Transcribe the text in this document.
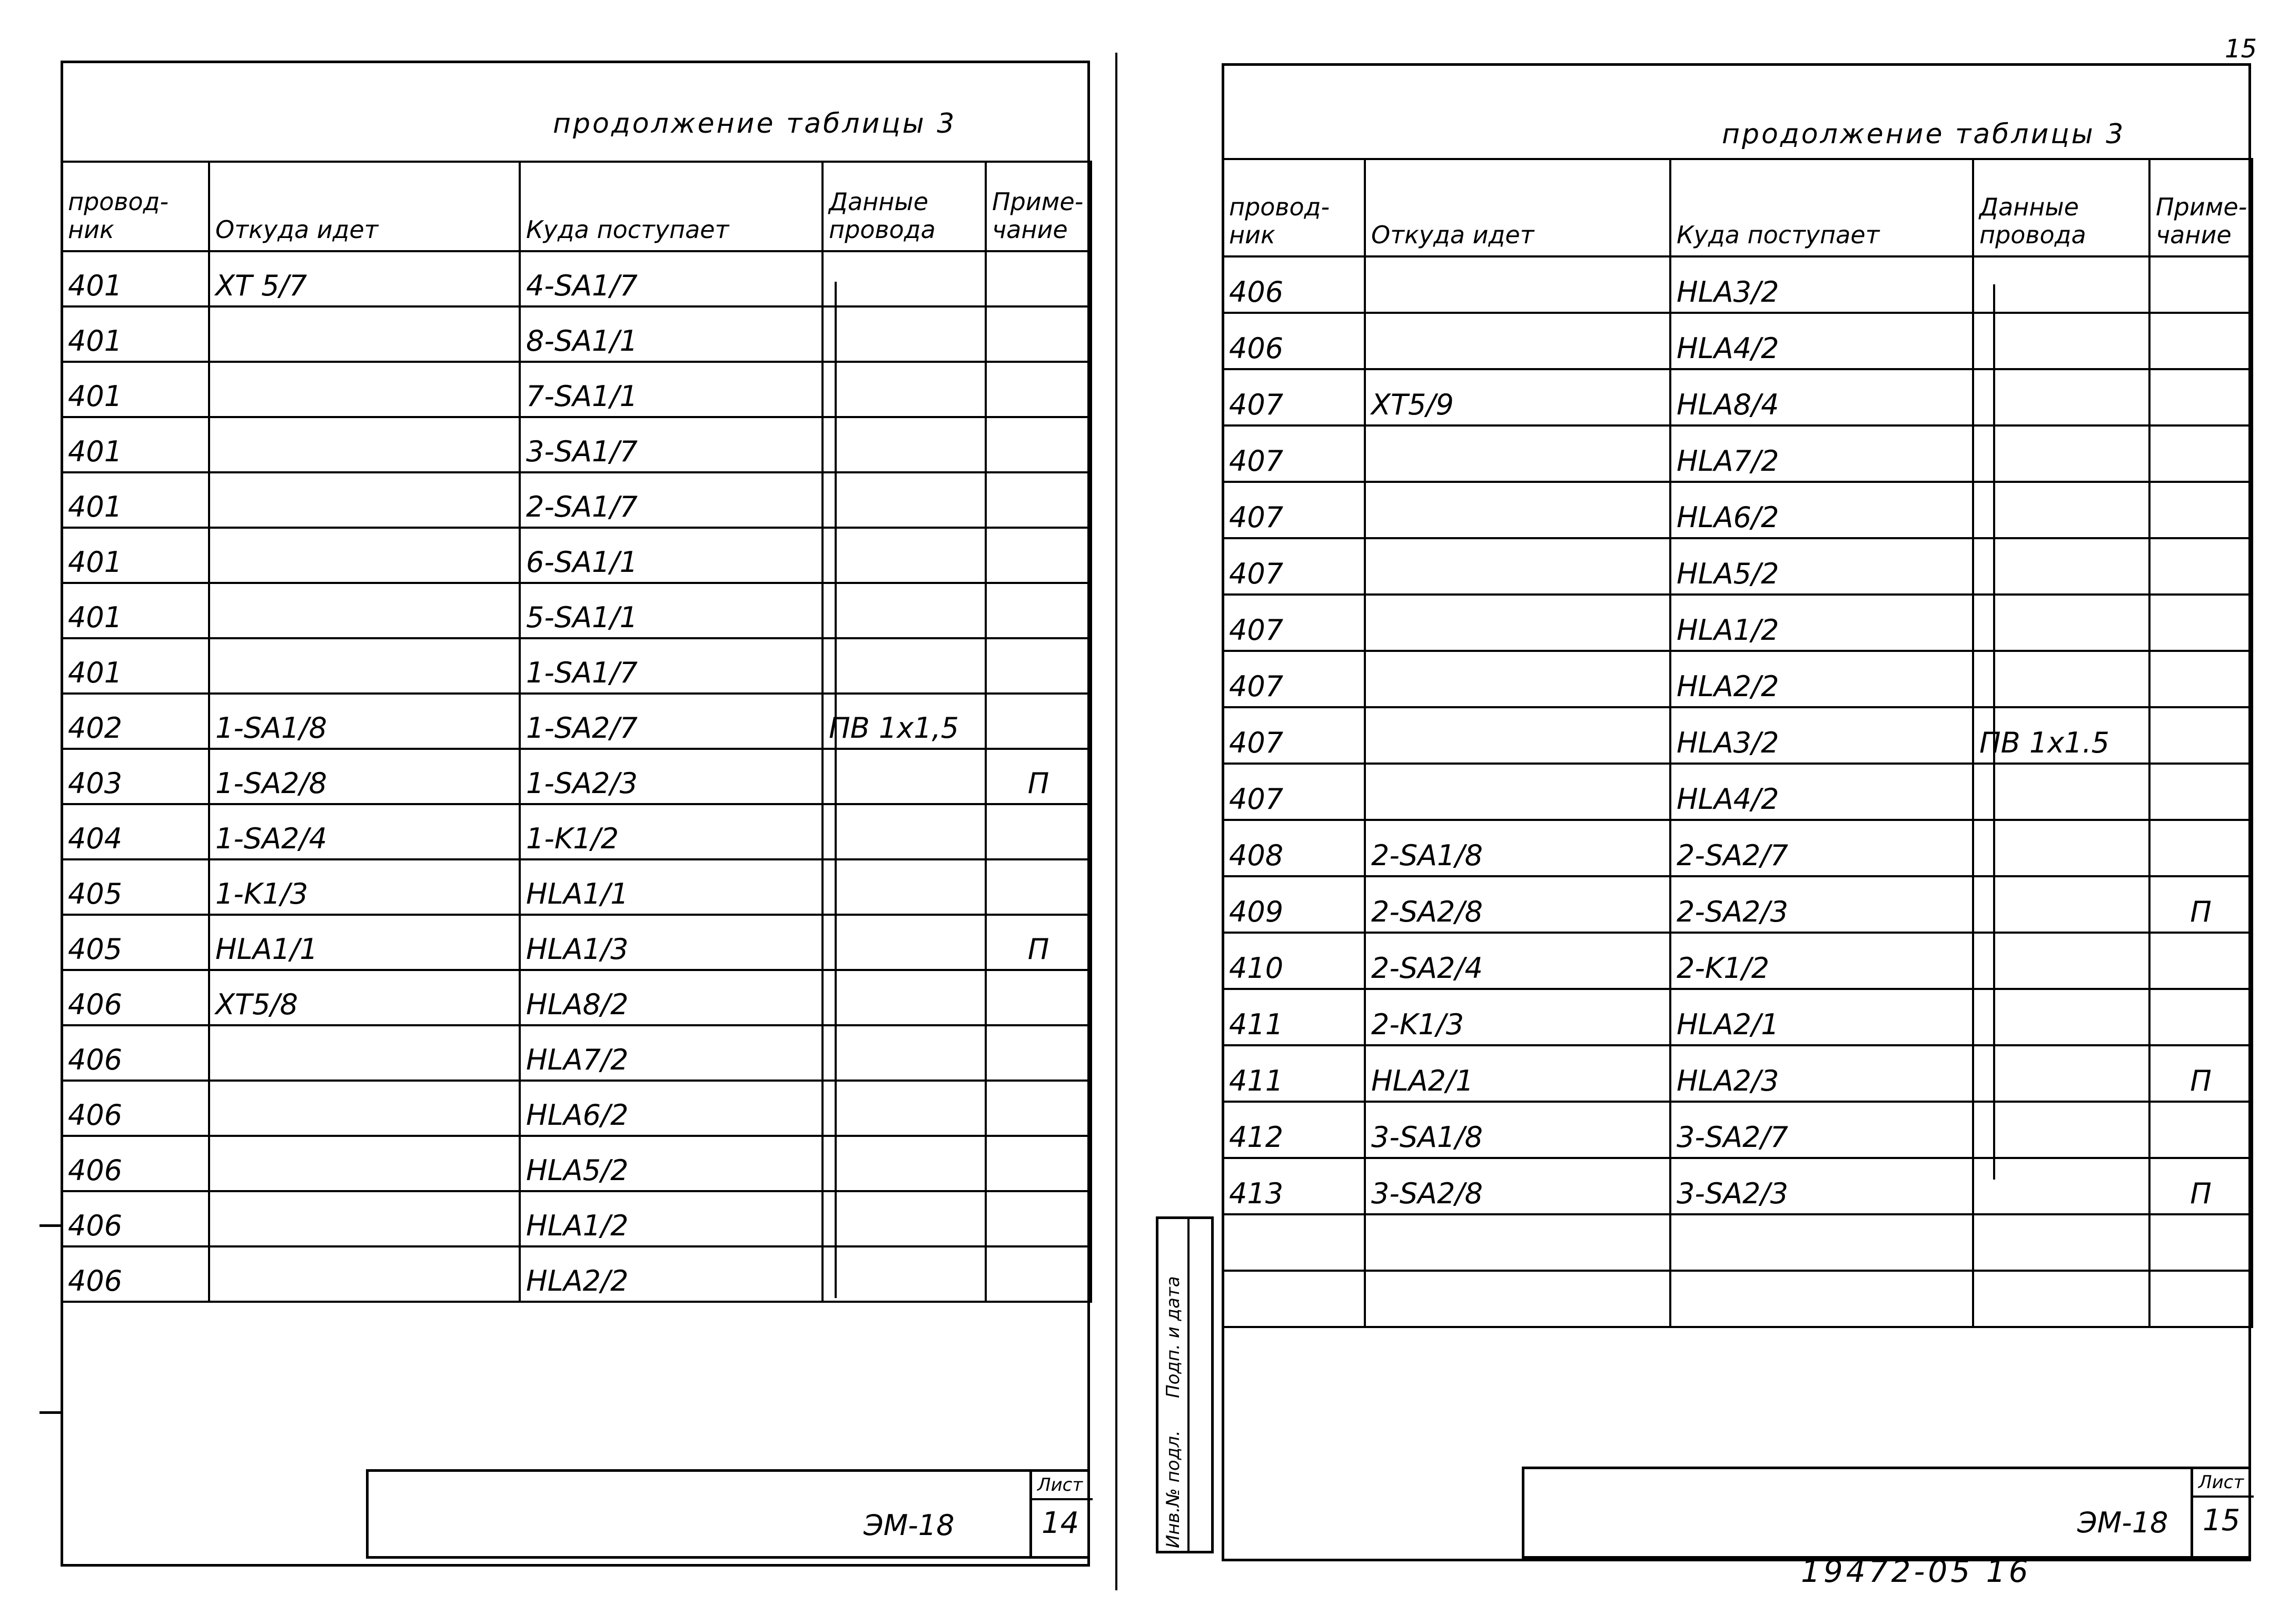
продолжение таблицы 3
провод-
ник	Откуда идет	Куда поступает	Данные
провода	Приме-
чание
401	XT 5/7	4-SA1/7		
401		8-SA1/1		
401		7-SA1/1		
401		3-SA1/7		
401		2-SA1/7		
401		6-SA1/1		
401		5-SA1/1		
401		1-SA1/7		
402	1-SA1/8	1-SA2/7	ПВ 1х1,5	
403	1-SA2/8	1-SA2/3		П
404	1-SA2/4	1-K1/2		
405	1-K1/3	HLA1/1		
405	HLA1/1	HLA1/3		П
406	XT5/8	HLA8/2		
406		HLA7/2		
406		HLA6/2		
406		HLA5/2		
406		HLA1/2		
406		HLA2/2		
ЭМ-18
Лист
14
15
продолжение таблицы 3
провод-
ник	Откуда идет	Куда поступает	Данные
провода	Приме-
чание
406		HLA3/2		
406		HLA4/2		
407	XT5/9	HLA8/4		
407		HLA7/2		
407		HLA6/2		
407		HLA5/2		
407		HLA1/2		
407		HLA2/2		
407		HLA3/2	ПВ 1х1.5	
407		HLA4/2		
408	2-SA1/8	2-SA2/7		
409	2-SA2/8	2-SA2/3		П
410	2-SA2/4	2-K1/2		
411	2-K1/3	HLA2/1		
411	HLA2/1	HLA2/3		П
412	3-SA1/8	3-SA2/7		
413	3-SA2/8	3-SA2/3		П

Инв.№ подл.
Подп. и дата
ЭМ-18
Лист
15
19472-05 16
